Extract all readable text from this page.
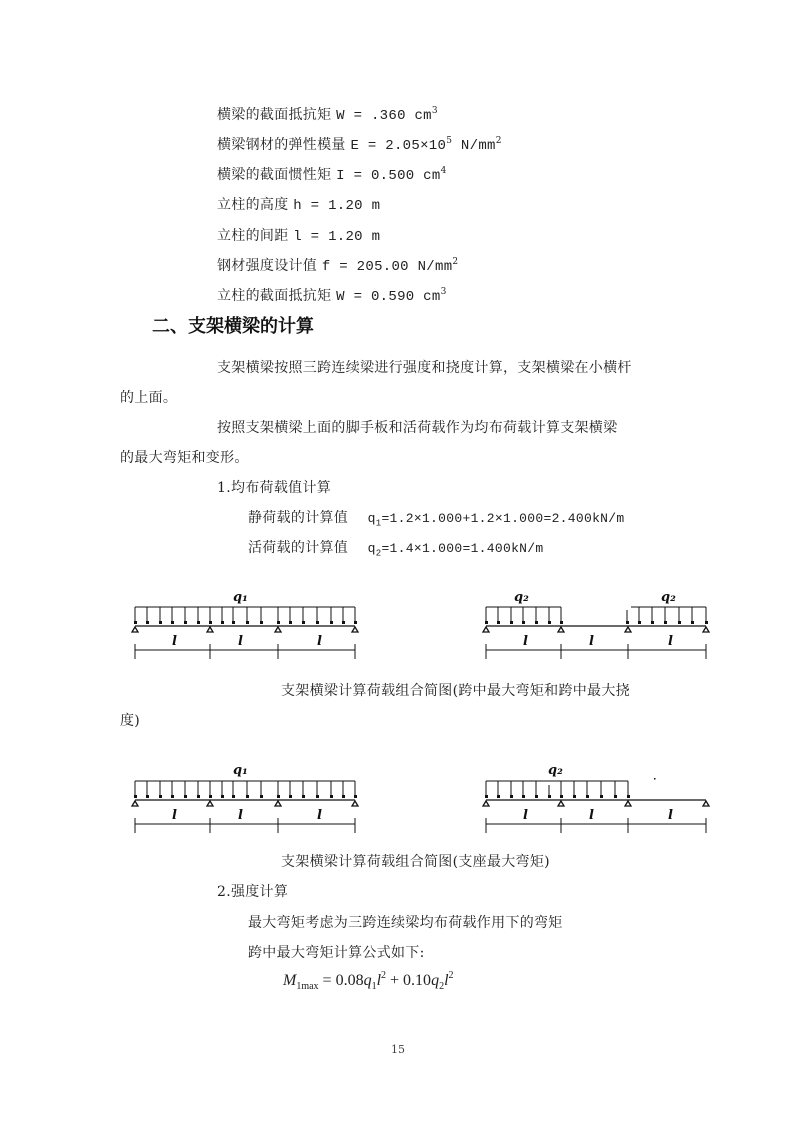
横梁的截面抵抗矩 W = .360 $cm^3$
横梁钢材的弹性模量 $E = 2.05\times 10^5$ $N/mm^2$
横梁的截面惯性矩 I = 0.500 $cm^4$
立柱的高度 h = 1.20 m
立柱的间距 l = 1.20 m
钢材强度设计值 f = 205.00 $N/mm^2$
立柱的截面抵抗矩 W = 0.590 $cm^3$
二、支架横梁的计算
支架横梁按照三跨连续梁进行强度和挠度计算，支架横梁在小横杆
的上面。
按照支架横梁上面的脚手板和活荷载作为均布荷载计算支架横梁
的最大弯矩和变形。
1.均布荷载值计算
静荷载的计算值 $q_1=1.2\times 1.000+1.2\times 1.000=2.400kN/m$
活荷载的计算值 $q_2=1.4\times 1.000=1.400kN/m$
q₁
l	l	l
q₂	q₂
l	l	l
支架横梁计算荷载组合简图(跨中最大弯矩和跨中最大挠
度)
q₁
l	l	l
q₂
l	l	l
支架横梁计算荷载组合简图(支座最大弯矩)
2.强度计算
最大弯矩考虑为三跨连续梁均布荷载作用下的弯矩
跨中最大弯矩计算公式如下:
$M_{1max} = 0.08q_1l^2 + 0.10q_2l^2$
15
